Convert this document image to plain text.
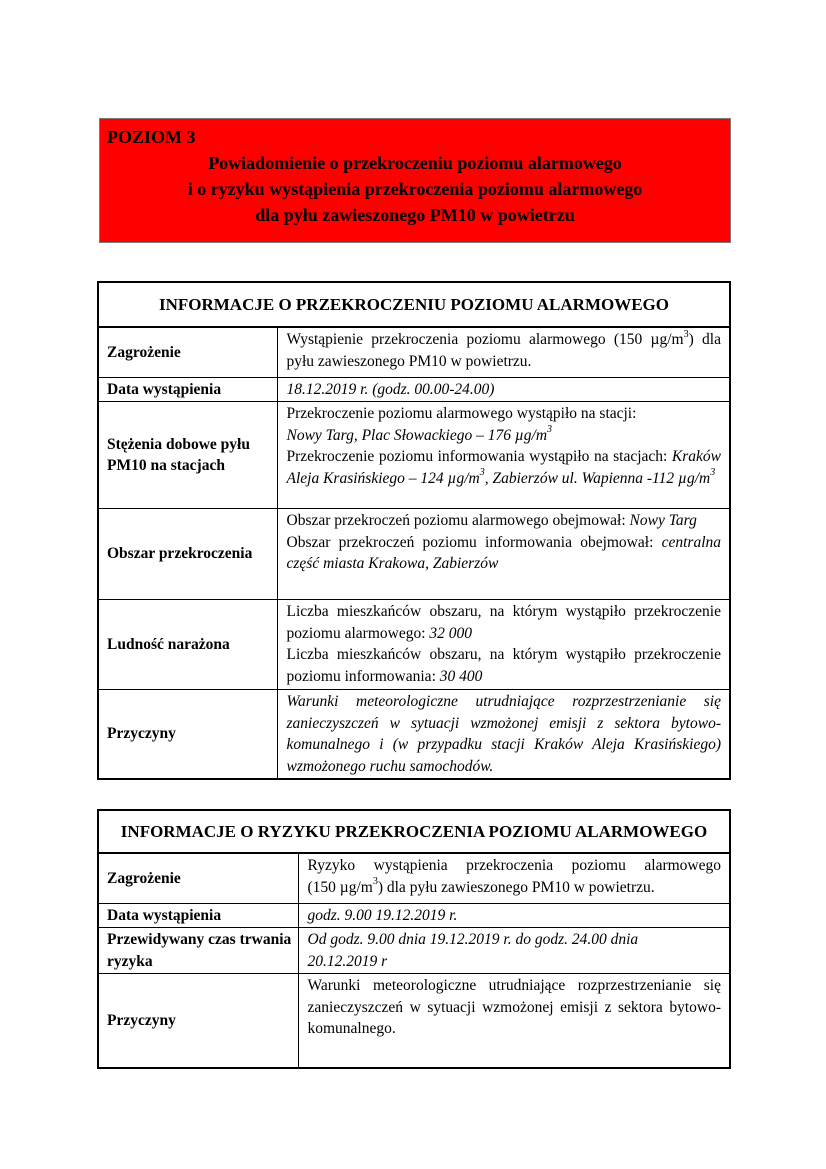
POZIOM 3
Powiadomienie o przekroczeniu poziomu alarmowego
i o ryzyku wystąpienia przekroczenia poziomu alarmowego
dla pyłu zawieszonego PM10 w powietrzu
INFORMACJE O PRZEKROCZENIU POZIOMU ALARMOWEGO	
Zagrożenie	Wystąpienie przekroczenia poziomu alarmowego (150 $\mu g/m^3$) dla pyłu zawieszonego PM10 w powietrzu.

Data wystąpienia	18.12.2019 r. (godz. 00.00-24.00)

Stężenia dobowe pyłu PM10 na stacjach	Przekroczenie poziomu alarmowego wystąpiło na stacji:
Nowy Targ, Plac Słowackiego – 176 $\mu g/m^3$
Przekroczenie poziomu informowania wystąpiło na stacjach: Kraków Aleja Krasińskiego – 124 $\mu g/m^3$, Zabierzów ul. Wapienna -112 $\mu g/m^3$

Obszar przekroczenia	Obszar przekroczeń poziomu alarmowego obejmował: Nowy Targ
Obszar przekroczeń poziomu informowania obejmował: centralna część miasta Krakowa, Zabierzów

Ludność narażona	Liczba mieszkańców obszaru, na którym wystąpiło przekroczenie poziomu alarmowego: 32 000
Liczba mieszkańców obszaru, na którym wystąpiło przekroczenie poziomu informowania: 30 400

Przyczyny	Warunki meteorologiczne utrudniające rozprzestrzenianie się zanieczyszczeń w sytuacji wzmożonej emisji z sektora bytowo-komunalnego i (w przypadku stacji Kraków Aleja Krasińskiego) wzmożonego ruchu samochodów.
INFORMACJE O RYZYKU PRZEKROCZENIA POZIOMU ALARMOWEGO	
Zagrożenie	Ryzyko wystąpienia przekroczenia poziomu alarmowego (150 $\mu g/m^3$) dla pyłu zawieszonego PM10 w powietrzu.

Data wystąpienia	godz. 9.00 19.12.2019 r.

Przewidywany czas trwania ryzyka	Od godz. 9.00 dnia 19.12.2019 r. do godz. 24.00 dnia
20.12.2019 r

Przyczyny	Warunki meteorologiczne utrudniające rozprzestrzenianie się zanieczyszczeń w sytuacji wzmożonej emisji z sektora bytowo-komunalnego.
